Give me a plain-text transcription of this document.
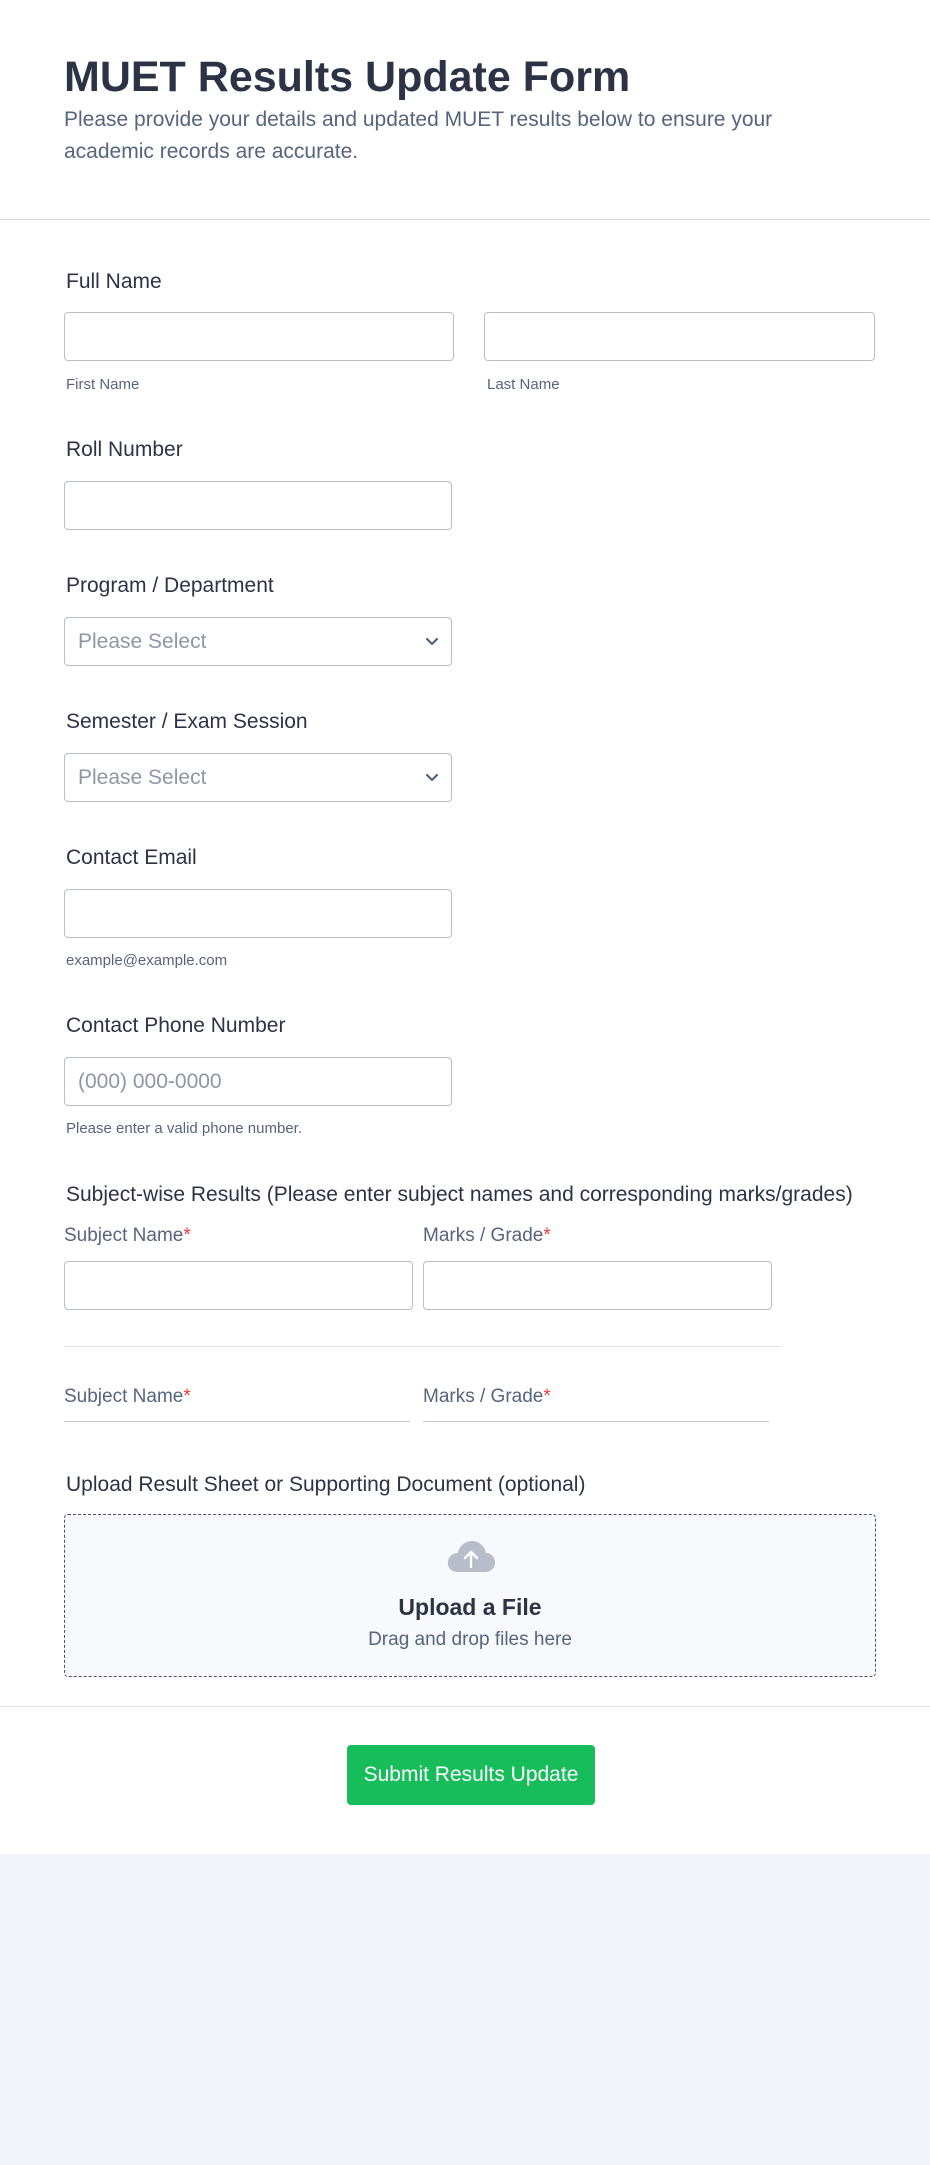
MUET Results Update Form
Please provide your details and updated MUET results below to ensure your academic records are accurate.
Full Name
First Name	Last Name
Roll Number
Program / Department
Please Select
Semester / Exam Session
Please Select
Contact Email
example@example.com
Contact Phone Number
(000) 000-0000
Please enter a valid phone number.
Subject-wise Results (Please enter subject names and corresponding marks/grades)
Subject Name*	Marks / Grade*
Subject Name*	Marks / Grade*
Upload Result Sheet or Supporting Document (optional)
Upload a File
Drag and drop files here
Submit Results Update
